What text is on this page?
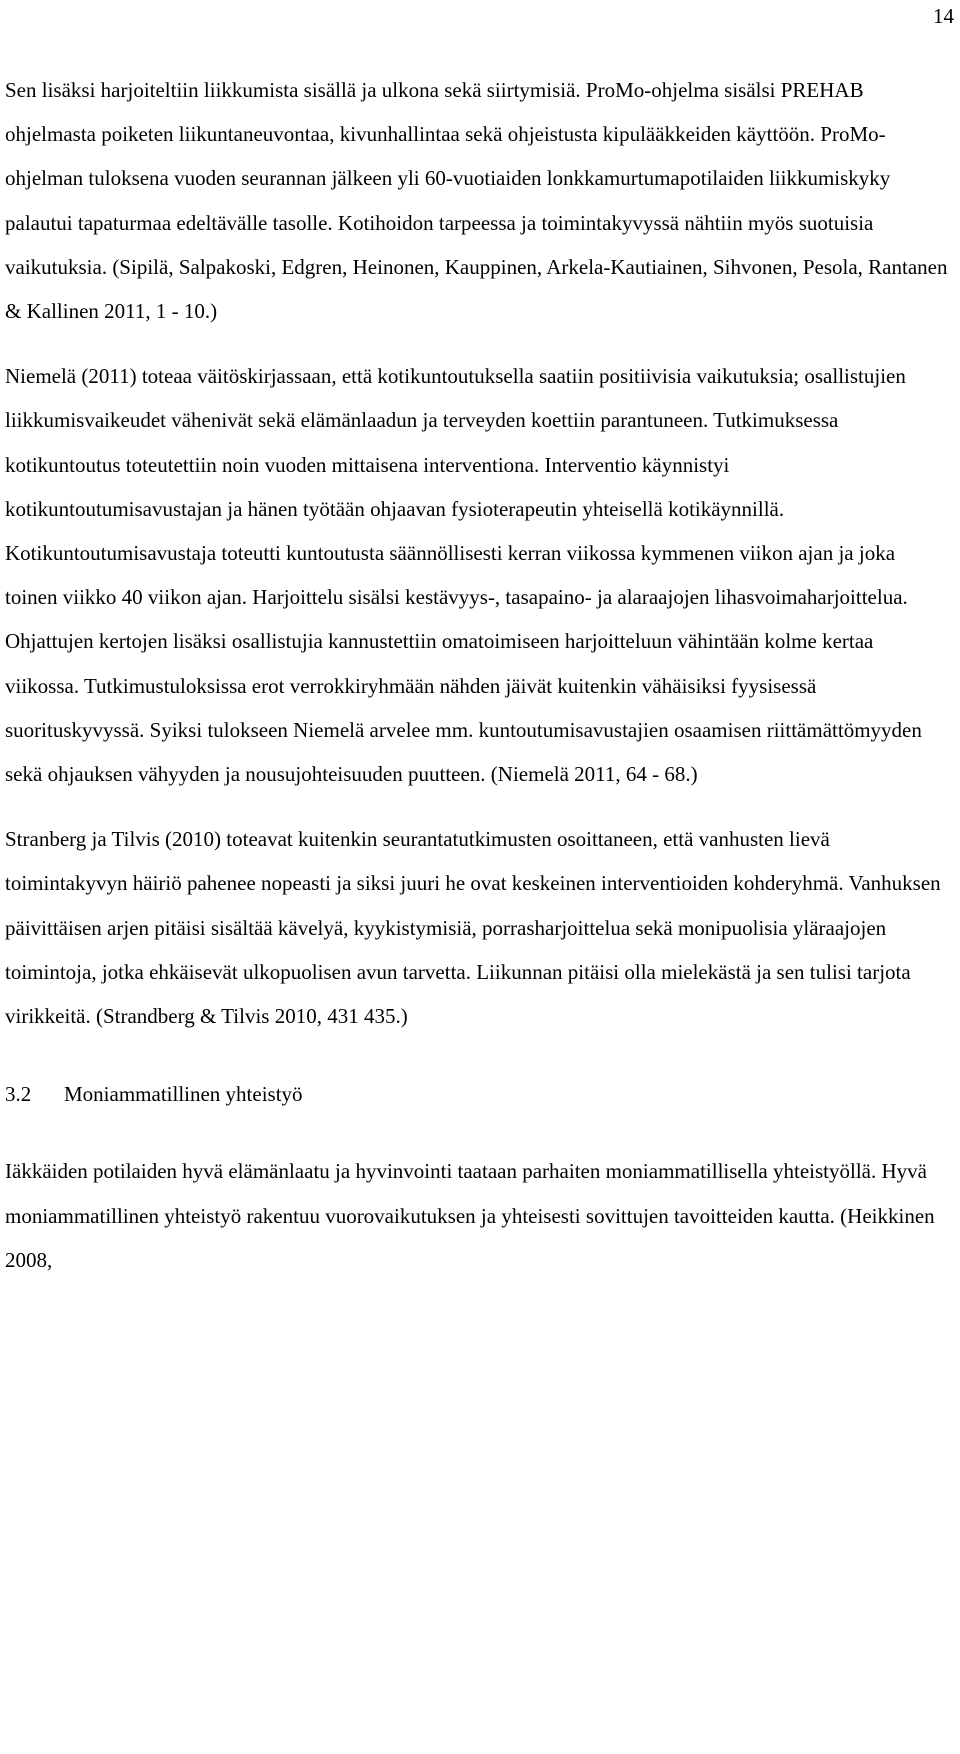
14

Sen lisäksi harjoiteltiin liikkumista sisällä ja ulkona sekä siirtymisiä. ProMo-ohjelma sisälsi PREHAB ohjelmasta poiketen liikuntaneuvontaa, kivunhallintaa sekä ohjeistusta kipulääkkeiden käyttöön. ProMo-ohjelman tuloksena vuoden seurannan jälkeen yli 60-vuotiaiden lonkkamurtumapotilaiden liikkumiskyky palautui tapaturmaa edeltävälle tasolle. Kotihoidon tarpeessa ja toimintakyvyssä nähtiin myös suotuisia vaikutuksia. (Sipilä, Salpakoski, Edgren, Heinonen, Kauppinen, Arkela-Kautiainen, Sihvonen, Pesola, Rantanen & Kallinen 2011, 1 - 10.)

Niemelä (2011) toteaa väitöskirjassaan, että kotikuntoutuksella saatiin positiivisia vaikutuksia; osallistujien liikkumisvaikeudet vähenivät sekä elämänlaadun ja terveyden koettiin parantuneen. Tutkimuksessa kotikuntoutus toteutettiin noin vuoden mittaisena interventiona. Interventio käynnistyi kotikuntoutumisavustajan ja hänen työtään ohjaavan fysioterapeutin yhteisellä kotikäynnillä. Kotikuntoutumisavustaja toteutti kuntoutusta säännöllisesti kerran viikossa kymmenen viikon ajan ja joka toinen viikko 40 viikon ajan. Harjoittelu sisälsi kestävyys-, tasapaino- ja alaraajojen lihasvoimaharjoittelua. Ohjattujen kertojen lisäksi osallistujia kannustettiin omatoimiseen harjoitteluun vähintään kolme kertaa viikossa. Tutkimustuloksissa erot verrokkiryhmään nähden jäivät kuitenkin vähäisiksi fyysisessä suorituskyvyssä. Syiksi tulokseen Niemelä arvelee mm. kuntoutumisavustajien osaamisen riittämättömyyden sekä ohjauksen vähyyden ja nousujohteisuuden puutteen. (Niemelä 2011, 64 - 68.)

Stranberg ja Tilvis (2010) toteavat kuitenkin seurantatutkimusten osoittaneen, että vanhusten lievä toimintakyvyn häiriö pahenee nopeasti ja siksi juuri he ovat keskeinen interventioiden kohderyhmä. Vanhuksen päivittäisen arjen pitäisi sisältää kävelyä, kyykistymisiä, porrasharjoittelua sekä monipuolisia yläraajojen toimintoja, jotka ehkäisevät ulkopuolisen avun tarvetta. Liikunnan pitäisi olla mielekästä ja sen tulisi tarjota virikkeitä. (Strandberg & Tilvis 2010, 431 435.)

3.2	Moniammatillinen yhteistyö

Iäkkäiden potilaiden hyvä elämänlaatu ja hyvinvointi taataan parhaiten moniammatillisella yhteistyöllä. Hyvä moniammatillinen yhteistyö rakentuu vuorovaikutuksen ja yhteisesti sovittujen tavoitteiden kautta. (Heikkinen 2008,
